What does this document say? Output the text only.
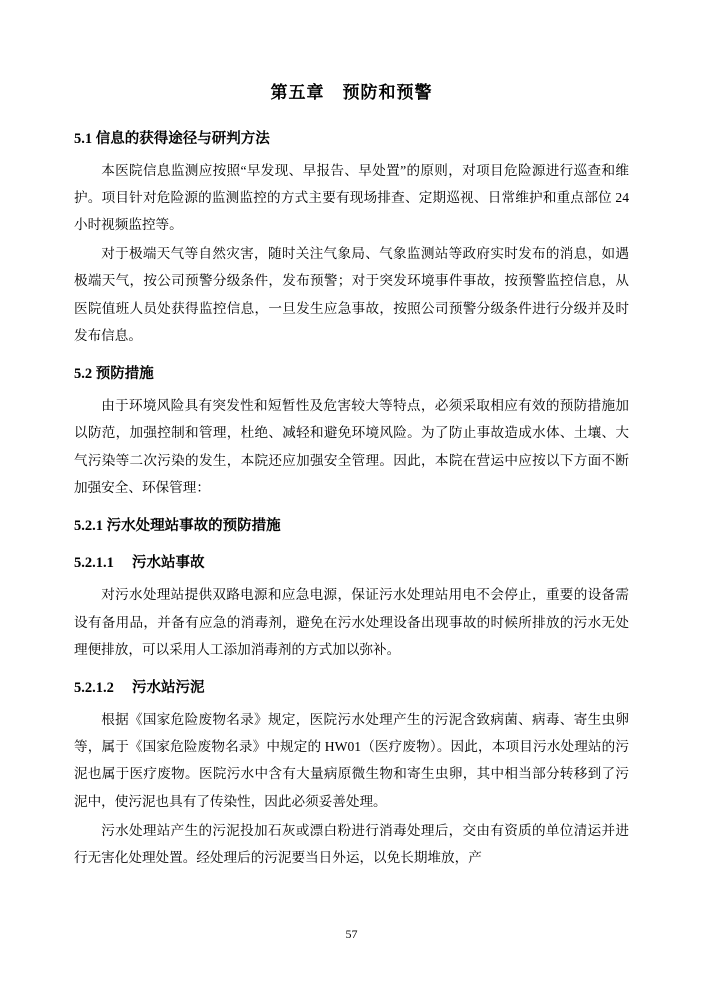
第五章　预防和预警
5.1 信息的获得途径与研判方法

本医院信息监测应按照“早发现、早报告、早处置”的原则，对项目危险源进行巡查和维护。项目针对危险源的监测监控的方式主要有现场排查、定期巡视、日常维护和重点部位 24 小时视频监控等。

对于极端天气等自然灾害，随时关注气象局、气象监测站等政府实时发布的消息，如遇极端天气，按公司预警分级条件，发布预警；对于突发环境事件事故，按预警监控信息，从医院值班人员处获得监控信息，一旦发生应急事故，按照公司预警分级条件进行分级并及时发布信息。

5.2 预防措施

由于环境风险具有突发性和短暂性及危害较大等特点，必须采取相应有效的预防措施加以防范，加强控制和管理，杜绝、减轻和避免环境风险。为了防止事故造成水体、土壤、大气污染等二次污染的发生，本院还应加强安全管理。因此，本院在营运中应按以下方面不断加强安全、环保管理：

5.2.1 污水处理站事故的预防措施
5.2.1.1 污水站事故

对污水处理站提供双路电源和应急电源，保证污水处理站用电不会停止，重要的设备需设有备用品，并备有应急的消毒剂，避免在污水处理设备出现事故的时候所排放的污水无处理便排放，可以采用人工添加消毒剂的方式加以弥补。

5.2.1.2 污水站污泥

根据《国家危险废物名录》规定，医院污水处理产生的污泥含致病菌、病毒、寄生虫卵等，属于《国家危险废物名录》中规定的 HW01（医疗废物）。因此，本项目污水处理站的污泥也属于医疗废物。医院污水中含有大量病原微生物和寄生虫卵，其中相当部分转移到了污泥中，使污泥也具有了传染性，因此必须妥善处理。

污水处理站产生的污泥投加石灰或漂白粉进行消毒处理后，交由有资质的单位清运并进行无害化处理处置。经处理后的污泥要当日外运，以免长期堆放，产

57
